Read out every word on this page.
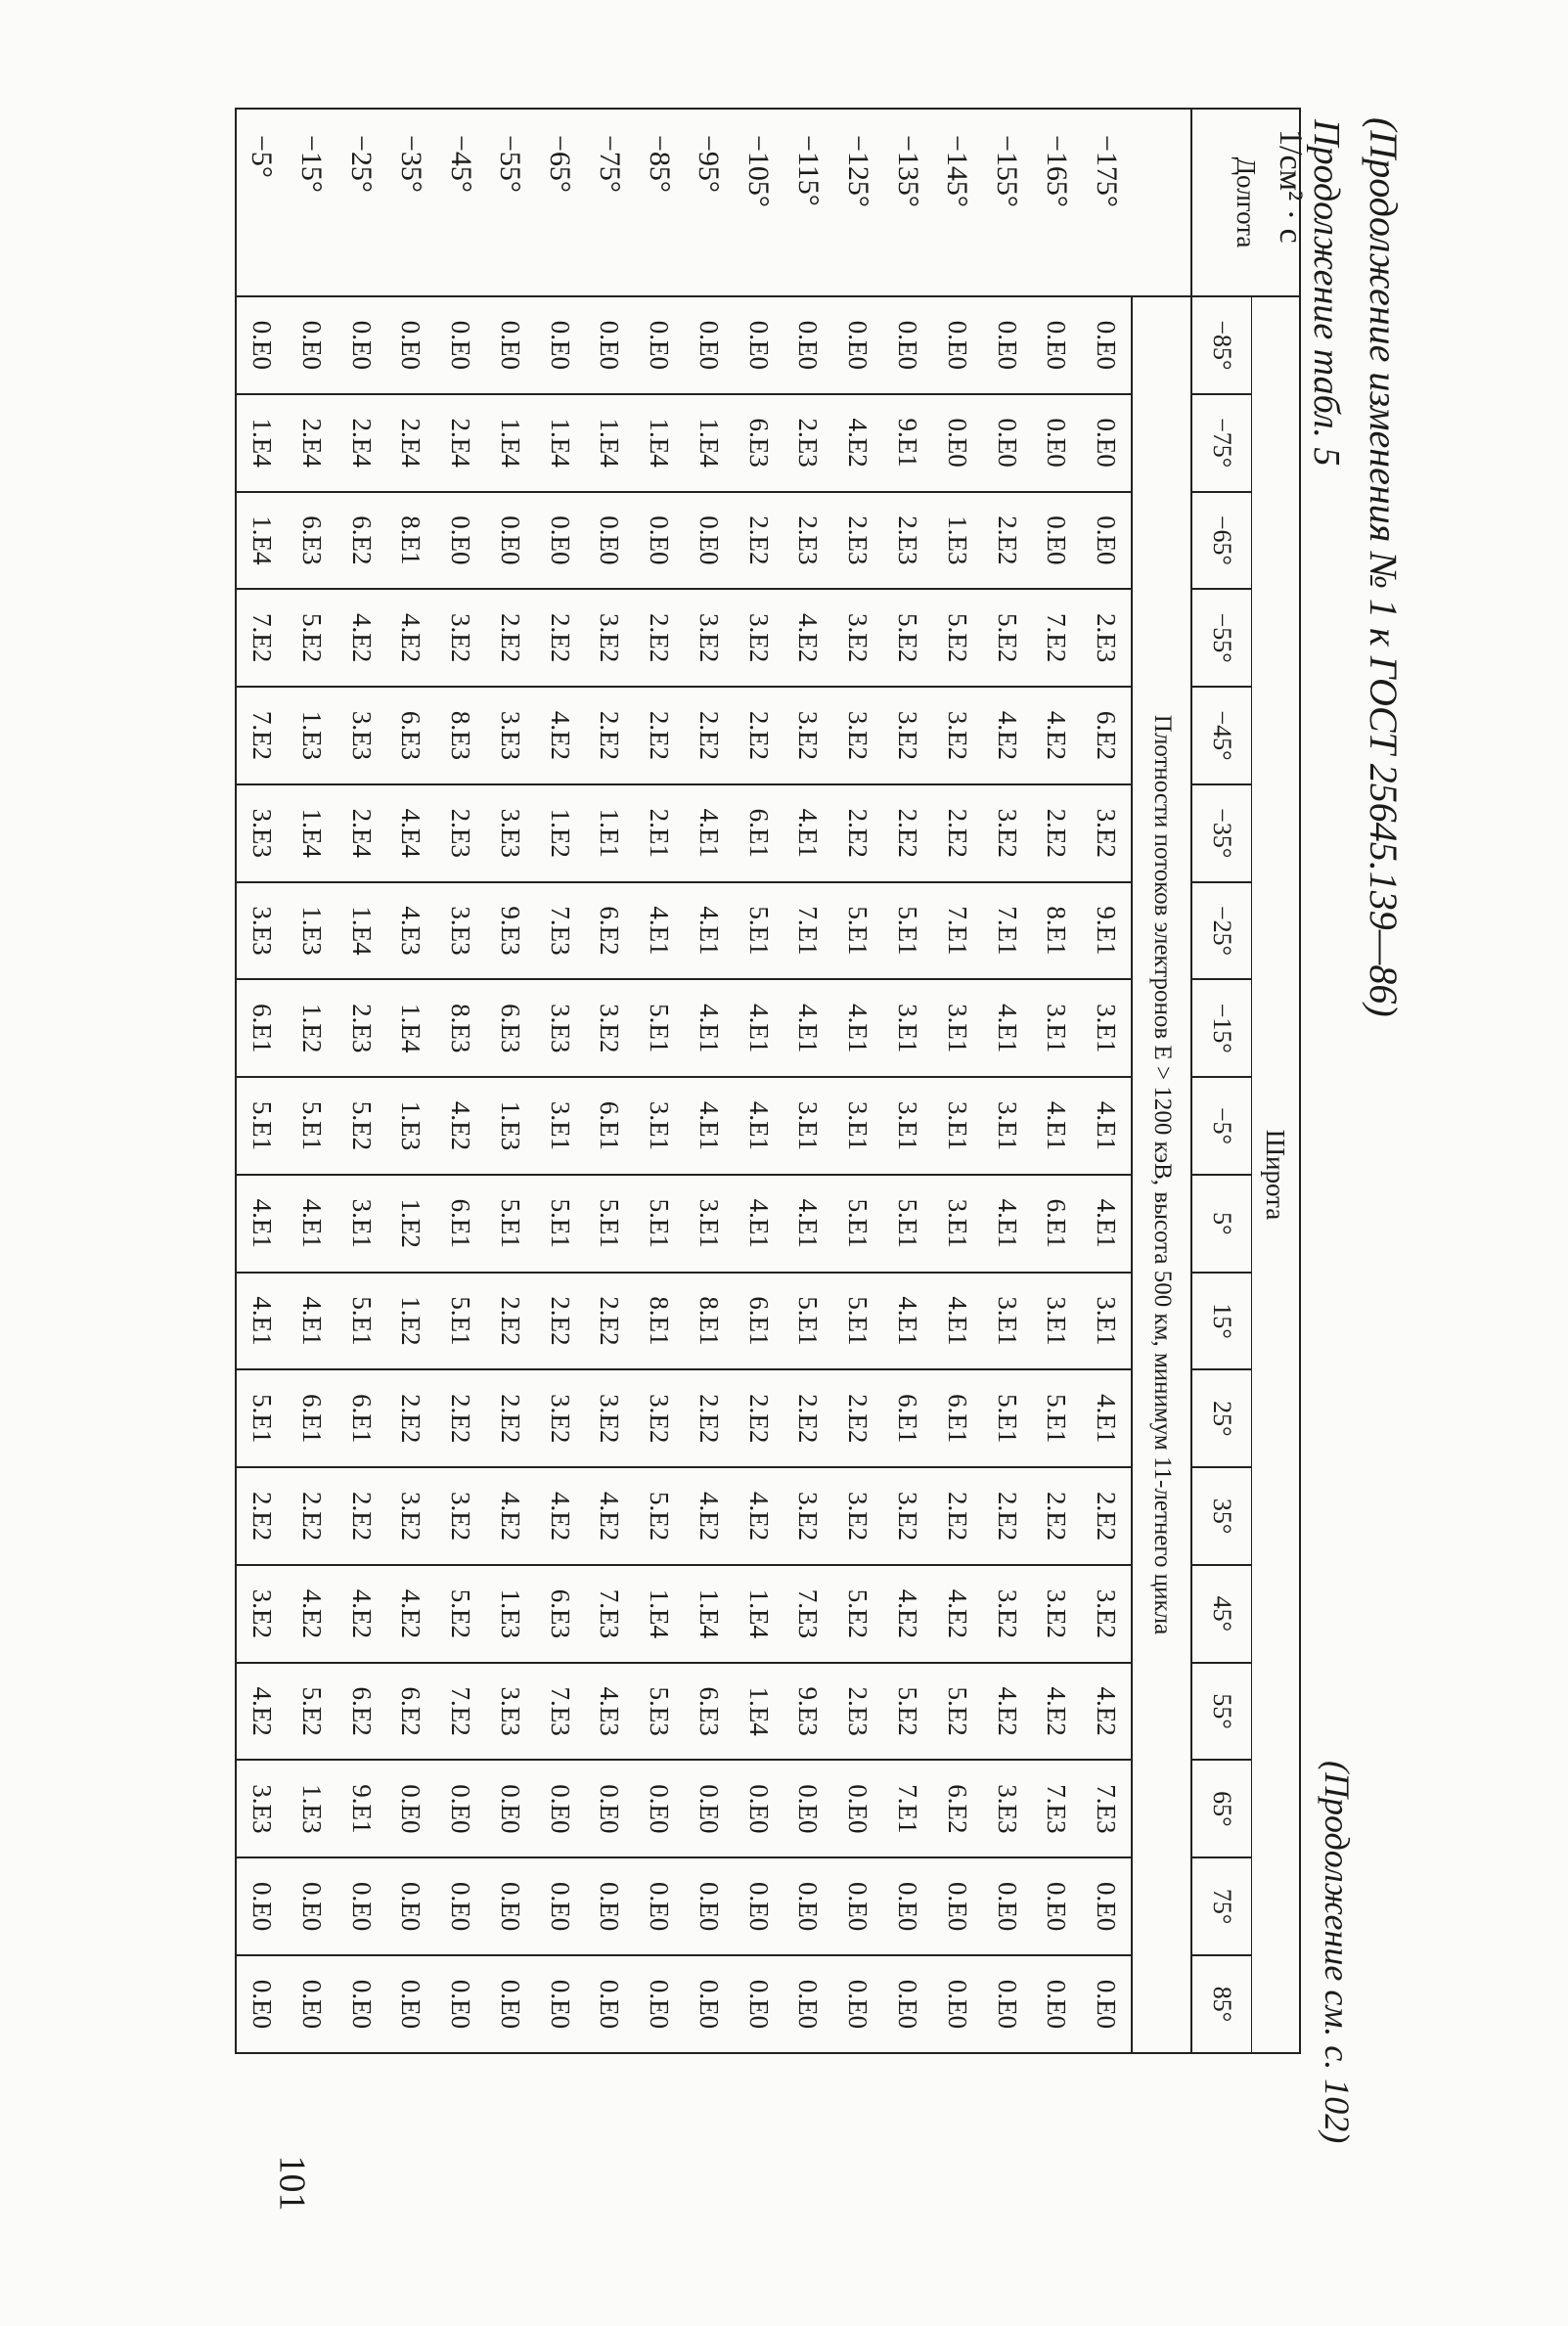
(Продолжение изменения № 1 к ГОСТ 25645.139—86)
Продолжение табл. 5
1/см² · с
Долгота	Широта																	
	−85°	−75°	−65°	−55°	−45°	−35°	−25°	−15°	−5°	5°	15°	25°	35°	45°	55°	65°	75°	85°
	Плотности потоков электронов E > 1200 кэВ, высота 500 км, минимум 11-летнего цикла																	
−175°	0.E0	0.E0	0.E0	2.E3	6.E2	3.E2	9.E1	3.E1	4.E1	4.E1	3.E1	4.E1	2.E2	3.E2	4.E2	7.E3	0.E0	0.E0
−165°	0.E0	0.E0	0.E0	7.E2	4.E2	2.E2	8.E1	3.E1	4.E1	6.E1	3.E1	5.E1	2.E2	3.E2	4.E2	7.E3	0.E0	0.E0
−155°	0.E0	0.E0	2.E2	5.E2	4.E2	3.E2	7.E1	4.E1	3.E1	4.E1	3.E1	5.E1	2.E2	3.E2	4.E2	3.E3	0.E0	0.E0
−145°	0.E0	0.E0	1.E3	5.E2	3.E2	2.E2	7.E1	3.E1	3.E1	3.E1	4.E1	6.E1	2.E2	4.E2	5.E2	6.E2	0.E0	0.E0
−135°	0.E0	9.E1	2.E3	5.E2	3.E2	2.E2	5.E1	3.E1	3.E1	5.E1	4.E1	6.E1	3.E2	4.E2	5.E2	7.E1	0.E0	0.E0
−125°	0.E0	4.E2	2.E3	3.E2	3.E2	2.E2	5.E1	4.E1	3.E1	5.E1	5.E1	2.E2	3.E2	5.E2	2.E3	0.E0	0.E0	0.E0
−115°	0.E0	2.E3	2.E3	4.E2	3.E2	4.E1	7.E1	4.E1	3.E1	4.E1	5.E1	2.E2	3.E2	7.E3	9.E3	0.E0	0.E0	0.E0
−105°	0.E0	6.E3	2.E2	3.E2	2.E2	6.E1	5.E1	4.E1	4.E1	4.E1	6.E1	2.E2	4.E2	1.E4	1.E4	0.E0	0.E0	0.E0
−95°	0.E0	1.E4	0.E0	3.E2	2.E2	4.E1	4.E1	4.E1	4.E1	3.E1	8.E1	2.E2	4.E2	1.E4	6.E3	0.E0	0.E0	0.E0
−85°	0.E0	1.E4	0.E0	2.E2	2.E2	2.E1	4.E1	5.E1	3.E1	5.E1	8.E1	3.E2	5.E2	1.E4	5.E3	0.E0	0.E0	0.E0
−75°	0.E0	1.E4	0.E0	3.E2	2.E2	1.E1	6.E2	3.E2	6.E1	5.E1	2.E2	3.E2	4.E2	7.E3	4.E3	0.E0	0.E0	0.E0
−65°	0.E0	1.E4	0.E0	2.E2	4.E2	1.E2	7.E3	3.E3	3.E1	5.E1	2.E2	3.E2	4.E2	6.E3	7.E3	0.E0	0.E0	0.E0
−55°	0.E0	1.E4	0.E0	2.E2	3.E3	3.E3	9.E3	6.E3	1.E3	5.E1	2.E2	2.E2	4.E2	1.E3	3.E3	0.E0	0.E0	0.E0
−45°	0.E0	2.E4	0.E0	3.E2	8.E3	2.E3	3.E3	8.E3	4.E2	6.E1	5.E1	2.E2	3.E2	5.E2	7.E2	0.E0	0.E0	0.E0
−35°	0.E0	2.E4	8.E1	4.E2	6.E3	4.E4	4.E3	1.E4	1.E3	1.E2	1.E2	2.E2	3.E2	4.E2	6.E2	0.E0	0.E0	0.E0
−25°	0.E0	2.E4	6.E2	4.E2	3.E3	2.E4	1.E4	2.E3	5.E2	3.E1	5.E1	6.E1	2.E2	4.E2	6.E2	9.E1	0.E0	0.E0
−15°	0.E0	2.E4	6.E3	5.E2	1.E3	1.E4	1.E3	1.E2	5.E1	4.E1	4.E1	6.E1	2.E2	4.E2	5.E2	1.E3	0.E0	0.E0
−5°	0.E0	1.E4	1.E4	7.E2	7.E2	3.E3	3.E3	6.E1	5.E1	4.E1	4.E1	5.E1	2.E2	3.E2	4.E2	3.E3	0.E0	0.E0	(Продолжение см. с. 102)
101
